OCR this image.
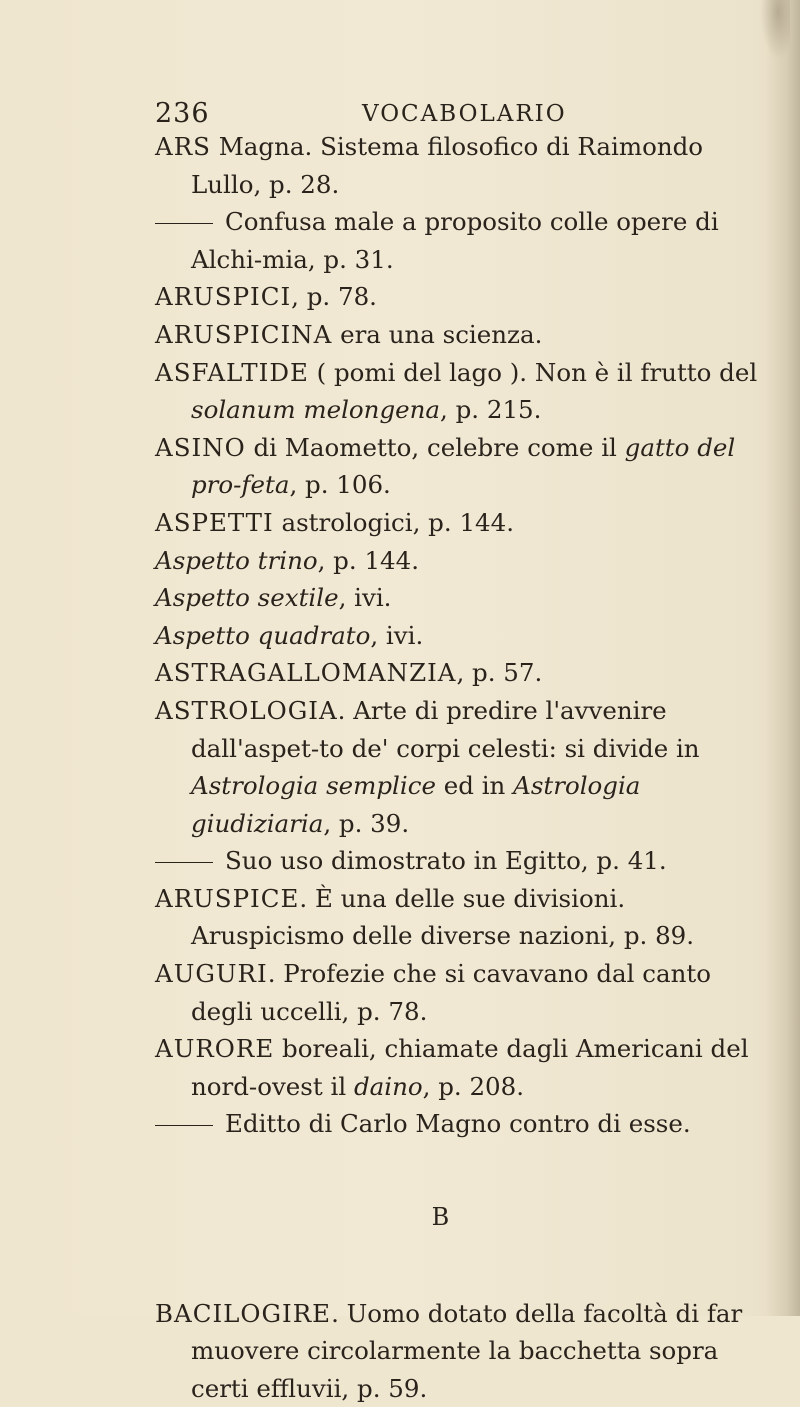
236	VOCABOLARIO

ARS Magna. Sistema filosofico di Raimondo Lullo, p. 28.

Confusa male a proposito colle opere di Alchi-mia, p. 31.

ARUSPICI, p. 78.

ARUSPICINA era una scienza.

ASFALTIDE ( pomi del lago ). Non è il frutto del solanum melongena, p. 215.

ASINO di Maometto, celebre come il gatto del pro-feta, p. 106.

ASPETTI astrologici, p. 144.

Aspetto trino, p. 144.

Aspetto sextile, ivi.

Aspetto quadrato, ivi.

ASTRAGALLOMANZIA, p. 57.

ASTROLOGIA. Arte di predire l'avvenire dall'aspet-to de' corpi celesti: si divide in Astrologia semplice ed in Astrologia giudiziaria, p. 39.

Suo uso dimostrato in Egitto, p. 41.

ARUSPICE. È una delle sue divisioni. Aruspicismo delle diverse nazioni, p. 89.

AUGURI. Profezie che si cavavano dal canto degli uccelli, p. 78.

AURORE boreali, chiamate dagli Americani del nord-ovest il daino, p. 208.

Editto di Carlo Magno contro di esse.

B

BACILOGIRE. Uomo dotato della facoltà di far muovere circolarmente la bacchetta sopra certi effluvii, p. 59.
